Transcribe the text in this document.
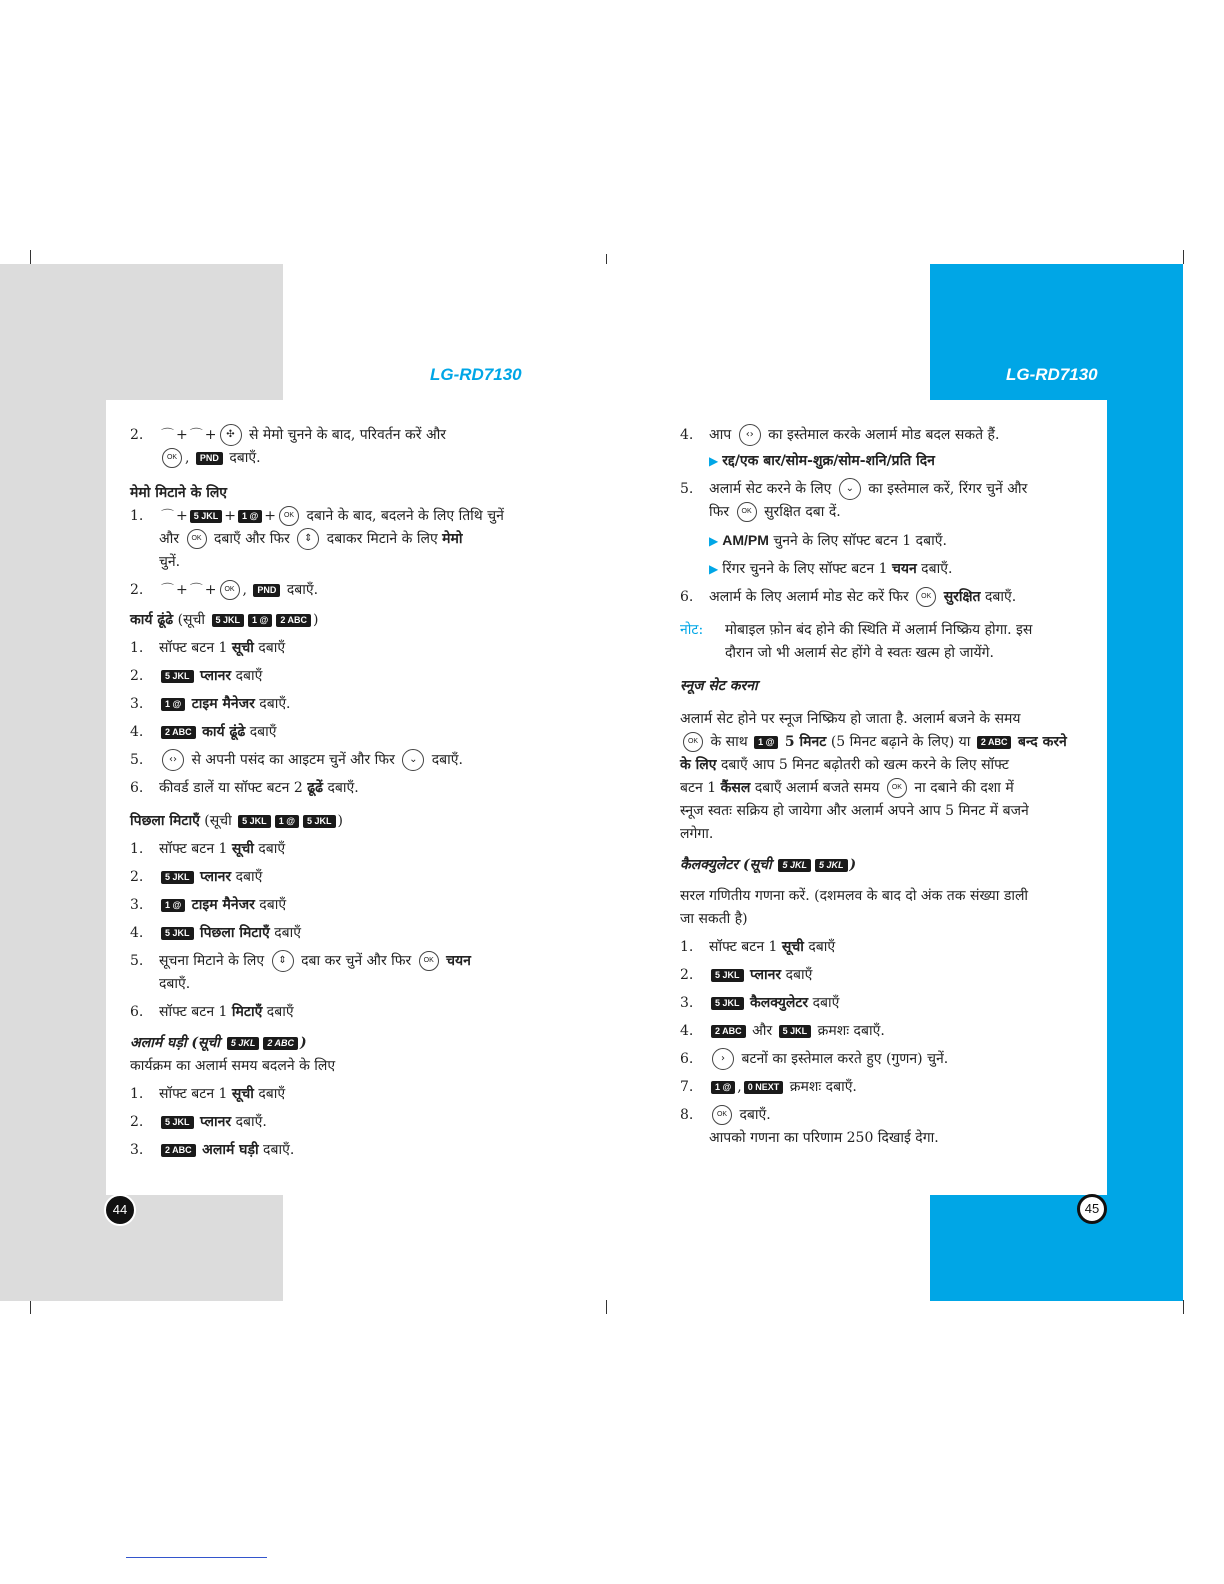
LG-RD7130	LG-RD7130
2. ⌒ + ⌒ + ✣ से मेमो चुनने के बाद, परिवर्तन करें और
OK , PND दबाएँ.
मेमो मिटाने के लिए
1. ⌒ + 5 JKL + 1 @ + OK दबाने के बाद, बदलने के लिए तिथि चुनें
और OK दबाएँ और फिर ⇕ दबाकर मिटाने के लिए मेमो
चुनें.
2. ⌒ + ⌒ + OK , PND दबाएँ.
कार्य ढूंढे (सूची 5 JKL 1 @ 2 ABC )
1. सॉफ्ट बटन 1 सूची दबाएँ
2. 5 JKL प्लानर दबाएँ
3. 1 @ टाइम मैनेजर दबाएँ.
4. 2 ABC कार्य ढूंढे दबाएँ
5.	‹› से अपनी पसंद का आइटम चुनें और फिर ⌄ दबाएँ.
6. कीवर्ड डालें या सॉफ्ट बटन 2 ढूढें दबाएँ.
पिछला मिटाएँ (सूची 5 JKL 1 @ 5 JKL )
1. सॉफ्ट बटन 1 सूची दबाएँ
2. 5 JKL प्लानर दबाएँ
3. 1 @ टाइम मैनेजर दबाएँ
4. 5 JKL पिछला मिटाएँ दबाएँ
5. सूचना मिटाने के लिए ⇕ दबा कर चुनें और फिर OK चयन
दबाएँ.
6. सॉफ्ट बटन 1 मिटाएँ दबाएँ
अलार्म घड़ी (सूची 5 JKL 2 ABC )
कार्यक्रम का अलार्म समय बदलने के लिए
1. सॉफ्ट बटन 1 सूची दबाएँ
2. 5 JKL प्लानर दबाएँ.
3. 2 ABC अलार्म घड़ी दबाएँ.
4. आप ‹› का इस्तेमाल करके अलार्म मोड बदल सकते हैं.
▶ रद्द/एक बार/सोम-शुक्र/सोम-शनि/प्रति दिन
5. अलार्म सेट करने के लिए ⌄ का इस्तेमाल करें, रिंगर चुनें और
फिर OK सुरक्षित दबा दें.
▶ AM/PM चुनने के लिए सॉफ्ट बटन 1 दबाएँ.
▶ रिंगर चुनने के लिए सॉफ्ट बटन 1 चयन दबाएँ.
6. अलार्म के लिए अलार्म मोड सेट करें फिर OK सुरक्षित दबाएँ.
नोट: मोबाइल फ़ोन बंद होने की स्थिति में अलार्म निष्क्रिय होगा. इस
दौरान जो भी अलार्म सेट होंगे वे स्वतः खत्म हो जायेंगे.
स्नूज सेट करना
अलार्म सेट होने पर स्नूज निष्क्रिय हो जाता है. अलार्म बजने के समय
OK के साथ 1 @ 5 मिनट (5 मिनट बढ़ाने के लिए) या 2 ABC बन्द करने
के लिए दबाएँ आप 5 मिनट बढ़ोतरी को खत्म करने के लिए सॉफ्ट
बटन 1 कैंसल दबाएँ अलार्म बजते समय OK ना दबाने की दशा में
स्नूज स्वतः सक्रिय हो जायेगा और अलार्म अपने आप 5 मिनट में बजने
लगेगा.
कैलक्युलेटर (सूची 5 JKL 5 JKL )
सरल गणितीय गणना करें. (दशमलव के बाद दो अंक तक संख्या डाली
जा सकती है)
1. सॉफ्ट बटन 1 सूची दबाएँ
2. 5 JKL प्लानर दबाएँ
3. 5 JKL कैलक्युलेटर दबाएँ
4. 2 ABC और 5 JKL क्रमशः दबाएँ.
6.	› बटनों का इस्तेमाल करते हुए (गुणन) चुनें.
7. 1 @ , 0 NEXT क्रमशः दबाएँ.
8.	OK दबाएँ.
आपको गणना का परिणाम 250 दिखाई देगा.
44	45
